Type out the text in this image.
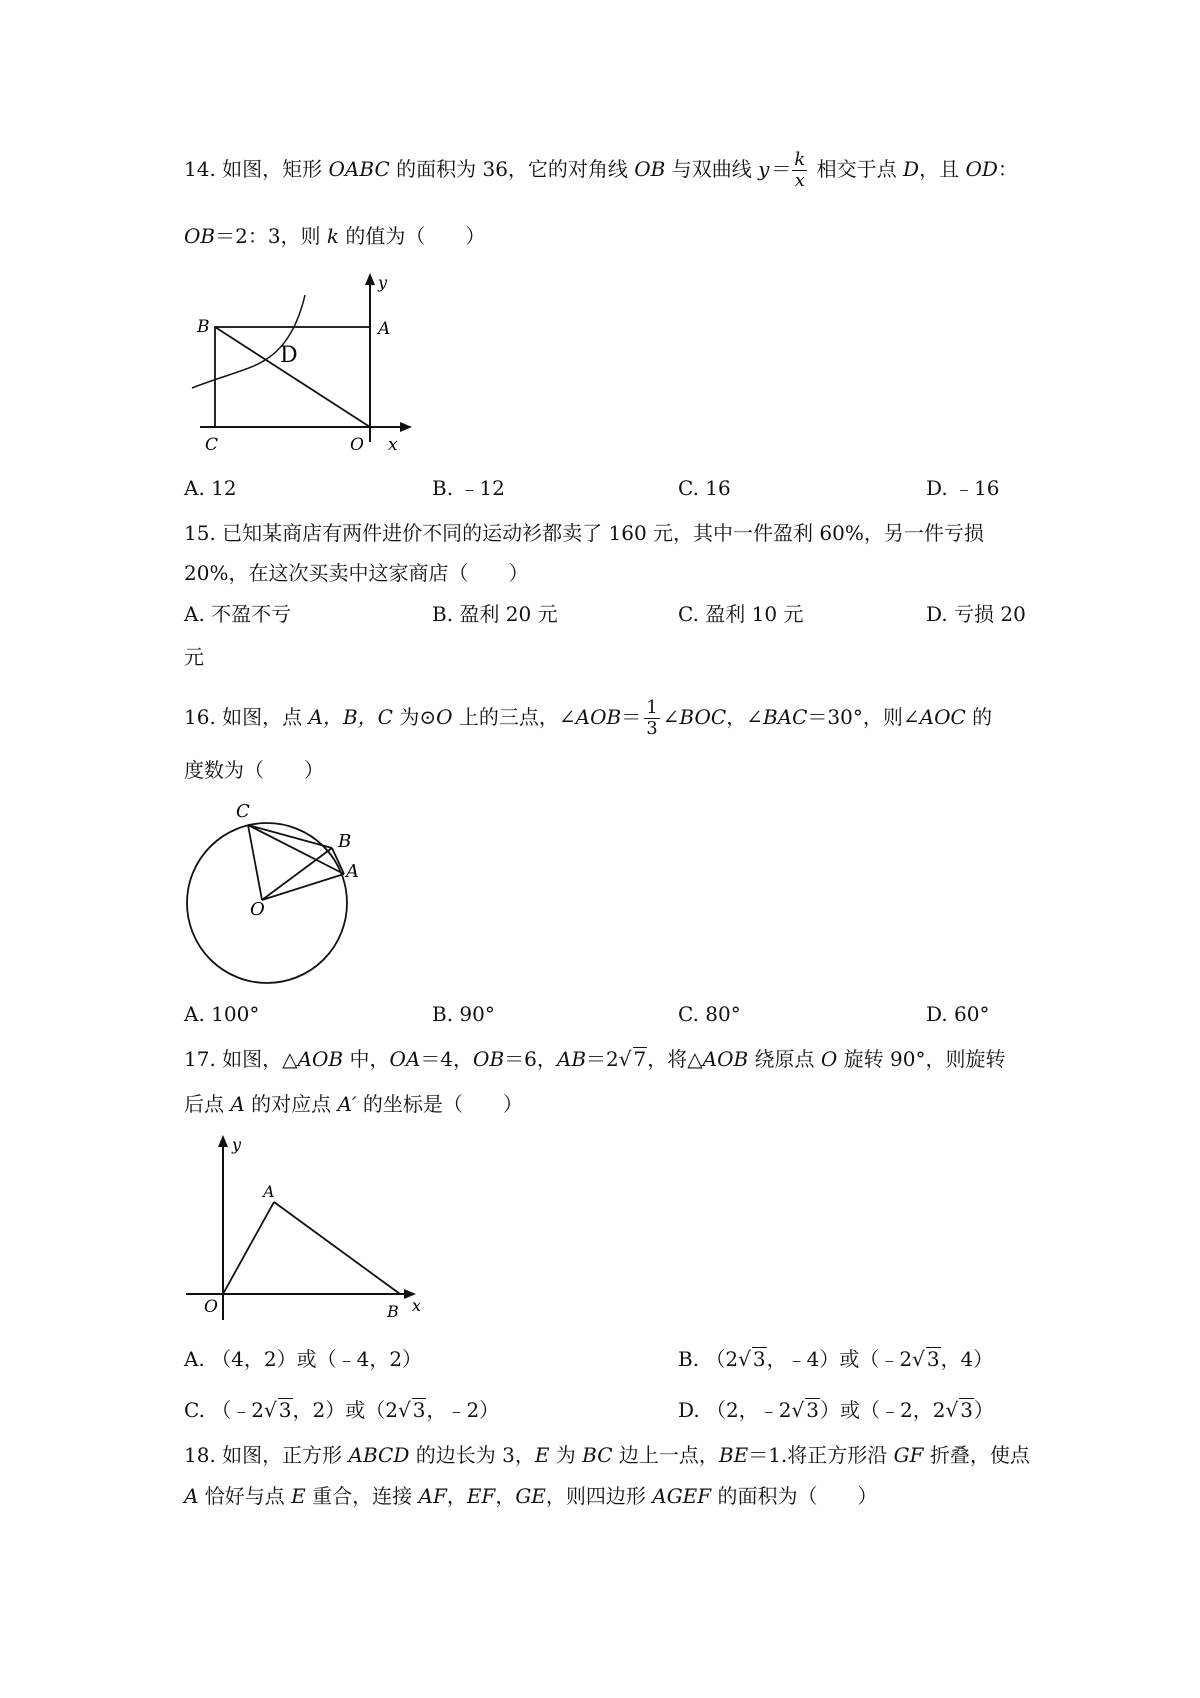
14. 如图，矩形 OABC 的面积为 36，它的对角线 OB 与双曲线 $y= \frac{k}{x}$ 相交于点 D，且 OD：
OB＝2：3，则 k 的值为（　　）
B	A
D
C	O x
y
A. 12	B. ﹣12	C. 16	D. ﹣16
15. 已知某商店有两件进价不同的运动衫都卖了 160 元，其中一件盈利 60%，另一件亏损
20%，在这次买卖中这家商店（　　）
A. 不盈不亏	B. 盈利 20 元	C. 盈利 10 元	D. 亏损 20
元
16. 如图，点 A，B，C 为⊙O 上的三点，∠AOB＝ $\frac{1}{3}$ ∠BOC，∠BAC＝30°，则∠AOC 的
度数为（　　）
C
B
A
O
A. 100°	B. 90°	C. 80°	D. 60°
17. 如图，△AOB 中，OA＝4，OB＝6，AB＝2√ 7，将△AOB 绕原点 O 旋转 90°，则旋转
后点 A 的对应点 A′ 的坐标是（　　）
A
O	B x
y
A. （4，2）或（﹣4，2）	B. （2√ 3，﹣4）或（﹣2√ 3，4）
C. （﹣2√ 3，2）或（2√ 3，﹣2）	D. （2，﹣2√ 3）或（﹣2，2√ 3）
18. 如图，正方形 ABCD 的边长为 3，E 为 BC 边上一点，BE＝1.将正方形沿 GF 折叠，使点
A 恰好与点 E 重合，连接 AF，EF，GE，则四边形 AGEF 的面积为（　　）
